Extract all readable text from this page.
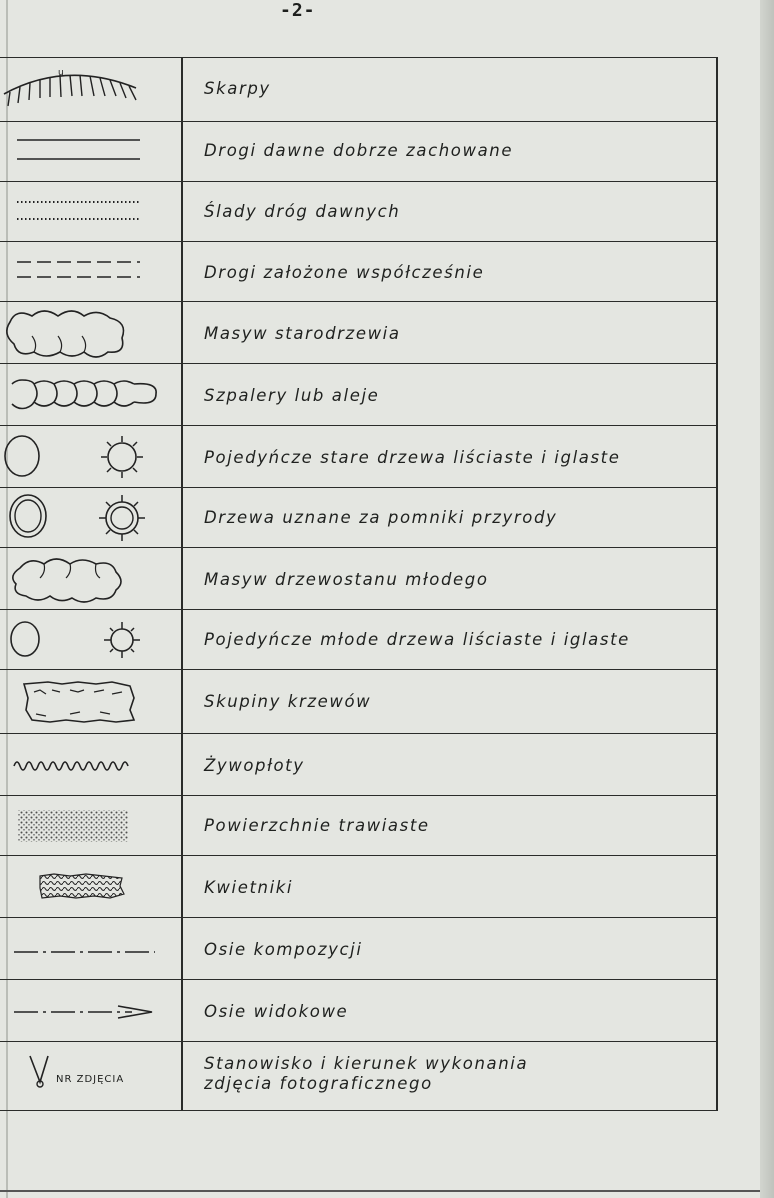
-2-
u
Skarpy
Drogi dawne dobrze zachowane
Ślady dróg dawnych
Drogi założone współcześnie
Masyw starodrzewia
Szpalery lub aleje
Pojedyńcze stare drzewa liściaste i iglaste
Drzewa uznane za pomniki przyrody
Masyw drzewostanu młodego
Pojedyńcze młode drzewa liściaste i iglaste
Skupiny krzewów
Żywopłoty
Powierzchnie trawiaste
Kwietniki
Osie kompozycji
Osie widokowe
NR ZDJĘCIA
Stanowisko i kierunek wykonania
zdjęcia fotograficznego
